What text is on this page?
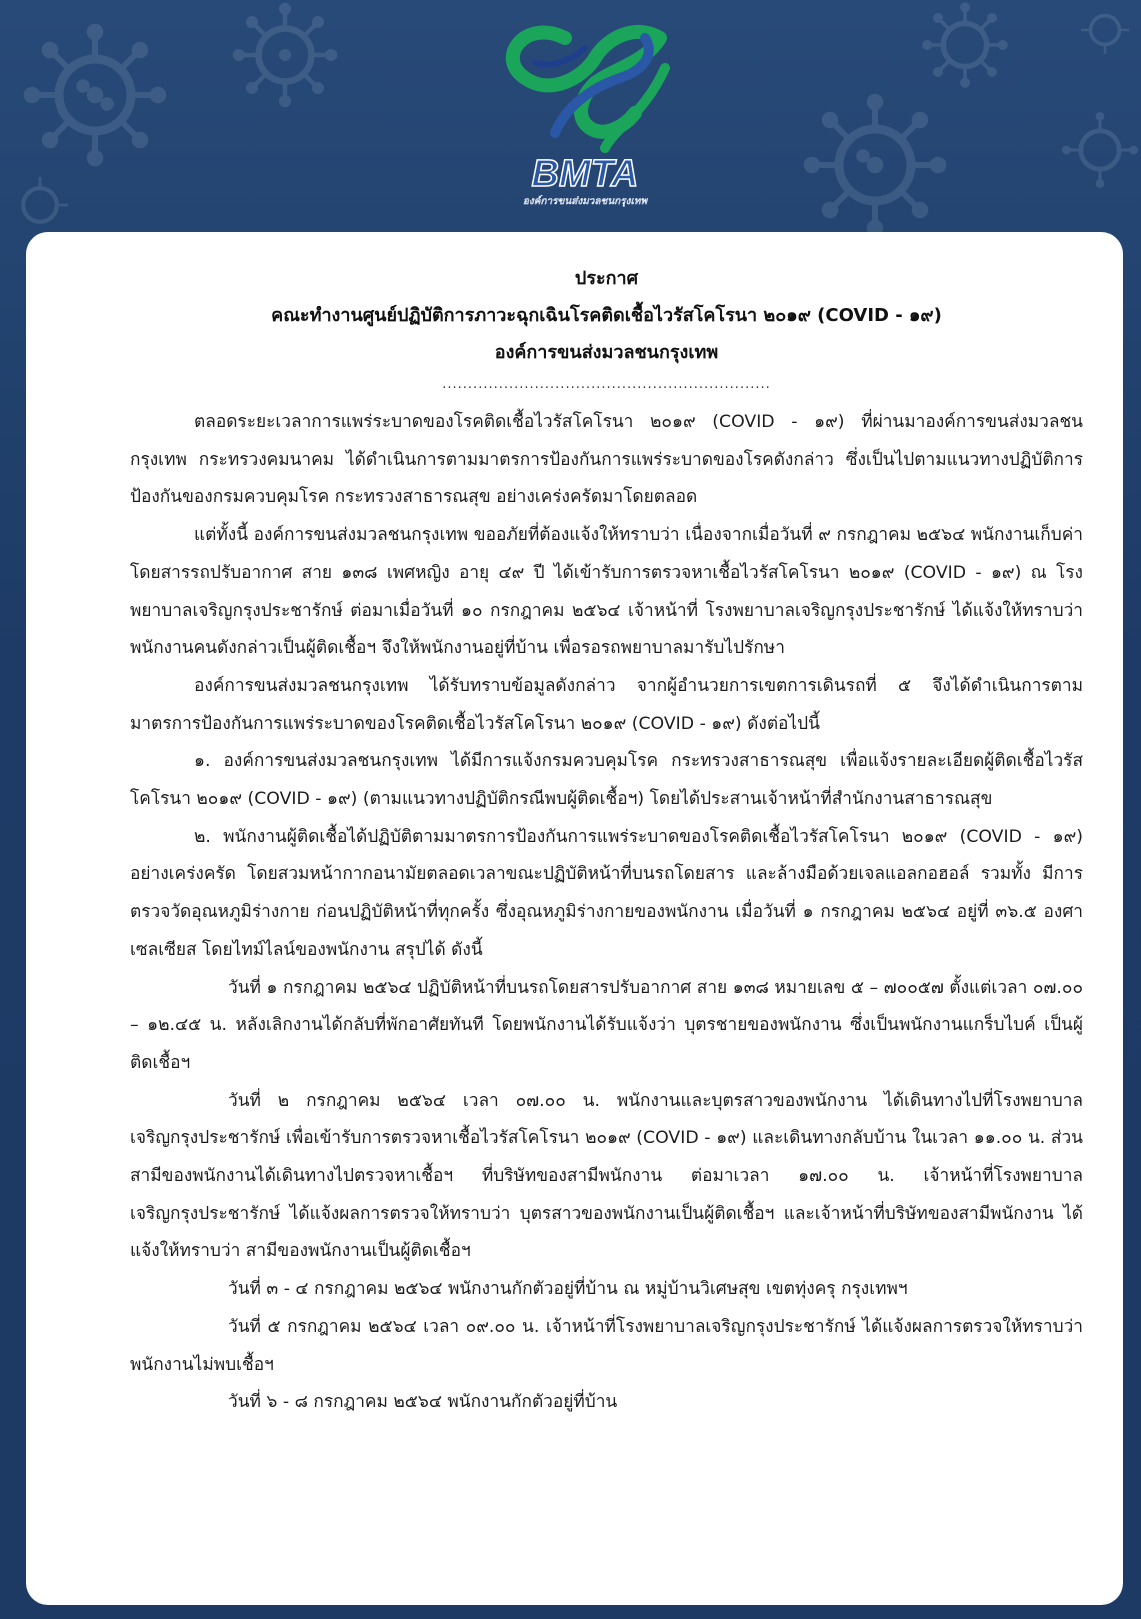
BMTA
องค์การขนส่งมวลชนกรุงเทพ
ประกาศ
คณะทำงานศูนย์ปฏิบัติการภาวะฉุกเฉินโรคติดเชื้อไวรัสโคโรนา ๒๐๑๙ (COVID - ๑๙)
องค์การขนส่งมวลชนกรุงเทพ
................................................................

ตลอดระยะเวลาการแพร่ระบาดของโรคติดเชื้อไวรัสโคโรนา ๒๐๑๙ (COVID - ๑๙) ที่ผ่านมาองค์การขนส่งมวลชนกรุงเทพ กระทรวงคมนาคม ได้ดำเนินการตามมาตรการป้องกันการแพร่ระบาดของโรคดังกล่าว ซึ่งเป็นไปตามแนวทางปฏิบัติการป้องกันของกรมควบคุมโรค กระทรวงสาธารณสุข อย่างเคร่งครัดมาโดยตลอด

แต่ทั้งนี้ องค์การขนส่งมวลชนกรุงเทพ ขออภัยที่ต้องแจ้งให้ทราบว่า เนื่องจากเมื่อวันที่ ๙ กรกฎาคม ๒๕๖๔ พนักงานเก็บค่าโดยสารรถปรับอากาศ สาย ๑๓๘ เพศหญิง อายุ ๔๙ ปี ได้เข้ารับการตรวจหาเชื้อไวรัสโคโรนา ๒๐๑๙ (COVID - ๑๙) ณ โรงพยาบาลเจริญกรุงประชารักษ์ ต่อมาเมื่อวันที่ ๑๐ กรกฎาคม ๒๕๖๔ เจ้าหน้าที่ โรงพยาบาลเจริญกรุงประชารักษ์ ได้แจ้งให้ทราบว่า พนักงานคนดังกล่าวเป็นผู้ติดเชื้อฯ จึงให้พนักงานอยู่ที่บ้าน เพื่อรอรถพยาบาลมารับไปรักษา

องค์การขนส่งมวลชนกรุงเทพ ได้รับทราบข้อมูลดังกล่าว จากผู้อำนวยการเขตการเดินรถที่ ๕ จึงได้ดำเนินการตามมาตรการป้องกันการแพร่ระบาดของโรคติดเชื้อไวรัสโคโรนา ๒๐๑๙ (COVID - ๑๙) ดังต่อไปนี้

๑. องค์การขนส่งมวลชนกรุงเทพ ได้มีการแจ้งกรมควบคุมโรค กระทรวงสาธารณสุข เพื่อแจ้งรายละเอียดผู้ติดเชื้อไวรัสโคโรนา ๒๐๑๙ (COVID - ๑๙) (ตามแนวทางปฏิบัติกรณีพบผู้ติดเชื้อฯ) โดยได้ประสานเจ้าหน้าที่สำนักงานสาธารณสุข

๒. พนักงานผู้ติดเชื้อได้ปฏิบัติตามมาตรการป้องกันการแพร่ระบาดของโรคติดเชื้อไวรัสโคโรนา ๒๐๑๙ (COVID - ๑๙) อย่างเคร่งครัด โดยสวมหน้ากากอนามัยตลอดเวลาขณะปฏิบัติหน้าที่บนรถโดยสาร และล้างมือด้วยเจลแอลกอฮอล์ รวมทั้ง มีการตรวจวัดอุณหภูมิร่างกาย ก่อนปฏิบัติหน้าที่ทุกครั้ง ซึ่งอุณหภูมิร่างกายของพนักงาน เมื่อวันที่ ๑ กรกฎาคม ๒๕๖๔ อยู่ที่ ๓๖.๕ องศาเซลเซียส โดยไทม์ไลน์ของพนักงาน สรุปได้ ดังนี้

วันที่ ๑ กรกฎาคม ๒๕๖๔ ปฏิบัติหน้าที่บนรถโดยสารปรับอากาศ สาย ๑๓๘ หมายเลข ๕ – ๗๐๐๕๗ ตั้งแต่เวลา ๐๗.๐๐ – ๑๒.๔๕ น. หลังเลิกงานได้กลับที่พักอาศัยทันที โดยพนักงานได้รับแจ้งว่า บุตรชายของพนักงาน ซึ่งเป็นพนักงานแกร็บไบค์ เป็นผู้ติดเชื้อฯ

วันที่ ๒ กรกฎาคม ๒๕๖๔ เวลา ๐๗.๐๐ น. พนักงานและบุตรสาวของพนักงาน ได้เดินทางไปที่โรงพยาบาลเจริญกรุงประชารักษ์ เพื่อเข้ารับการตรวจหาเชื้อไวรัสโคโรนา ๒๐๑๙ (COVID - ๑๙) และเดินทางกลับบ้าน ในเวลา ๑๑.๐๐ น. ส่วนสามีของพนักงานได้เดินทางไปตรวจหาเชื้อฯ ที่บริษัทของสามีพนักงาน ต่อมาเวลา ๑๗.๐๐ น. เจ้าหน้าที่โรงพยาบาลเจริญกรุงประชารักษ์ ได้แจ้งผลการตรวจให้ทราบว่า บุตรสาวของพนักงานเป็นผู้ติดเชื้อฯ และเจ้าหน้าที่บริษัทของสามีพนักงาน ได้แจ้งให้ทราบว่า สามีของพนักงานเป็นผู้ติดเชื้อฯ

วันที่ ๓ - ๔ กรกฎาคม ๒๕๖๔ พนักงานกักตัวอยู่ที่บ้าน ณ หมู่บ้านวิเศษสุข เขตทุ่งครุ กรุงเทพฯ

วันที่ ๕ กรกฎาคม ๒๕๖๔ เวลา ๐๙.๐๐ น. เจ้าหน้าที่โรงพยาบาลเจริญกรุงประชารักษ์ ได้แจ้งผลการตรวจให้ทราบว่า พนักงานไม่พบเชื้อฯ

วันที่ ๖ - ๘ กรกฎาคม ๒๕๖๔ พนักงานกักตัวอยู่ที่บ้าน
